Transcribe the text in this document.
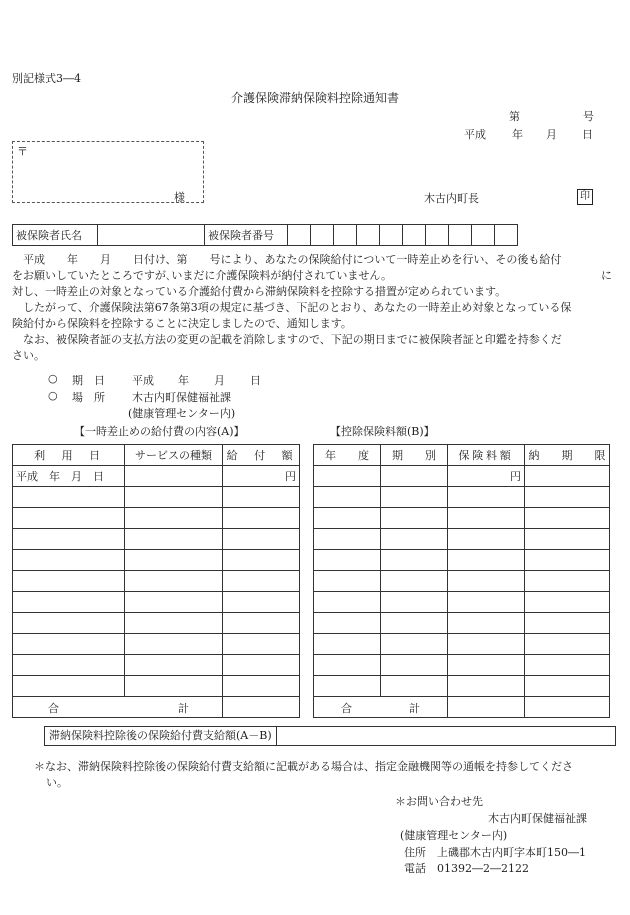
別記様式3―4
介護保険滞納保険料控除通知書
第	号
平成 年 月 日
〒
様	木古内町長	印
被保険者氏名		被保険者番号										

平成　　年　　月　　日付け、第　　号により、あなたの保険給付について一時差止めを行い、その後も給付

をお願いしていたところですが､いまだに介護保険料が納付されていません。	に

対し、一時差止の対象となっている介護給付費から滞納保険料を控除する措置が定められています。

したがって、介護保険法第67条第3項の規定に基づき、下記のとおり、あなたの一時差止め対象となっている保

険給付から保険料を控除することに決定しましたので、通知します。

なお、被保険者証の支払方法の変更の記載を消除しますので、下記の期日までに被保険者証と印鑑を持参くだ

さい。

○ 期　日 平成 年 月 日
○ 場　所 木古内町保健福祉課
(健康管理センター内)
【一時差止めの給付費の内容(A)】
利　用　日	サービスの種類	給　付　額
平成　年　月　日		円

合 計		

【控除保険料額(B)】
年　　度	期　　別	保険料額	納　　期　　限
		円	

合 計			

滞納保険料控除後の保険給付費支給額(A－B)
＊なお、滞納保険料控除後の保険給付費支給額に記載がある場合は、指定金融機関等の通帳を持参してくださ
い。
＊お問い合わせ先
木古内町保健福祉課
(健康管理センター内)
住所　上磯郡木古内町字本町150―1
電話　01392―2―2122
